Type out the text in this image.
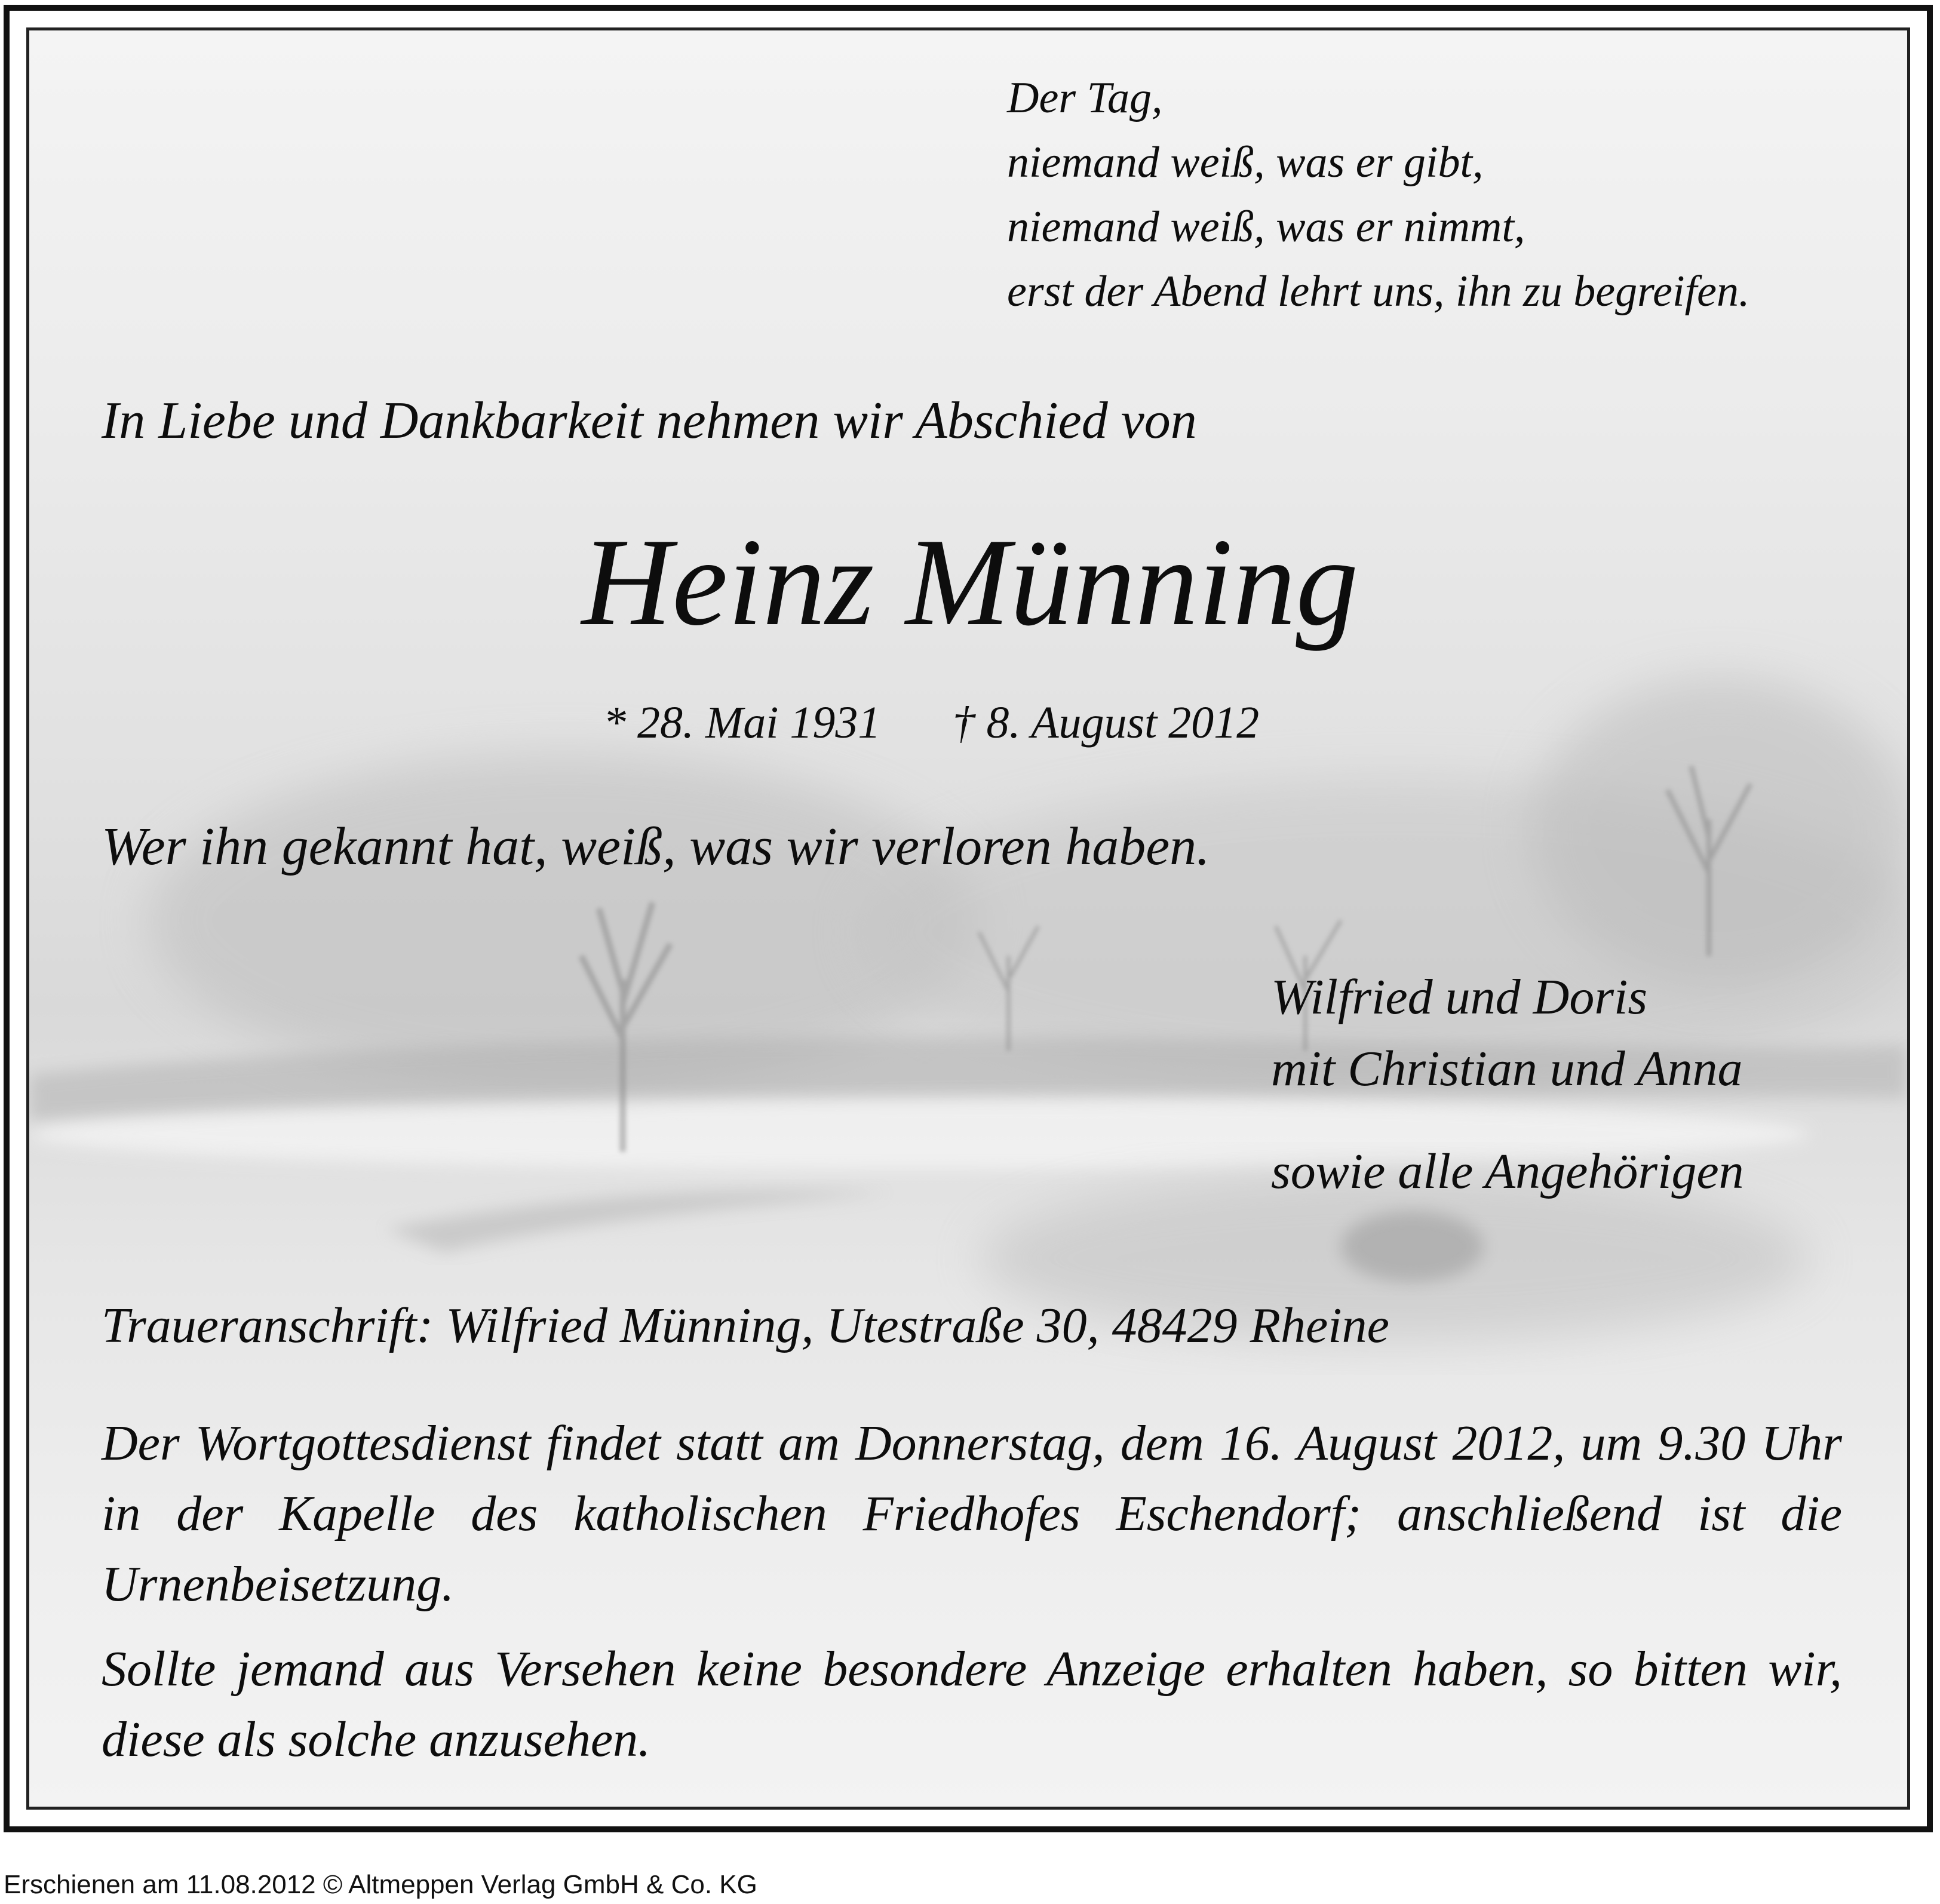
Der Tag,
niemand weiß, was er gibt,
niemand weiß, was er nimmt,
erst der Abend lehrt uns, ihn zu begreifen.

In Liebe und Dankbarkeit nehmen wir Abschied von

Heinz Münning

* 28. Mai 1931 † 8. August 2012

Wer ihn gekannt hat, weiß, was wir verloren haben.

Wilfried und Doris

mit Christian und Anna

sowie alle Angehörigen

Traueranschrift: Wilfried Münning, Utestraße 30, 48429 Rheine

Der Wortgottesdienst findet statt am Donnerstag, dem 16. August 2012, um 9.30 Uhr in der Kapelle des katholischen Friedhofes Eschendorf; anschließend ist die Urnenbeisetzung.

Sollte jemand aus Versehen keine besondere Anzeige erhalten haben, so bitten wir, diese als solche anzusehen.

Erschienen am 11.08.2012 © Altmeppen Verlag GmbH & Co. KG
